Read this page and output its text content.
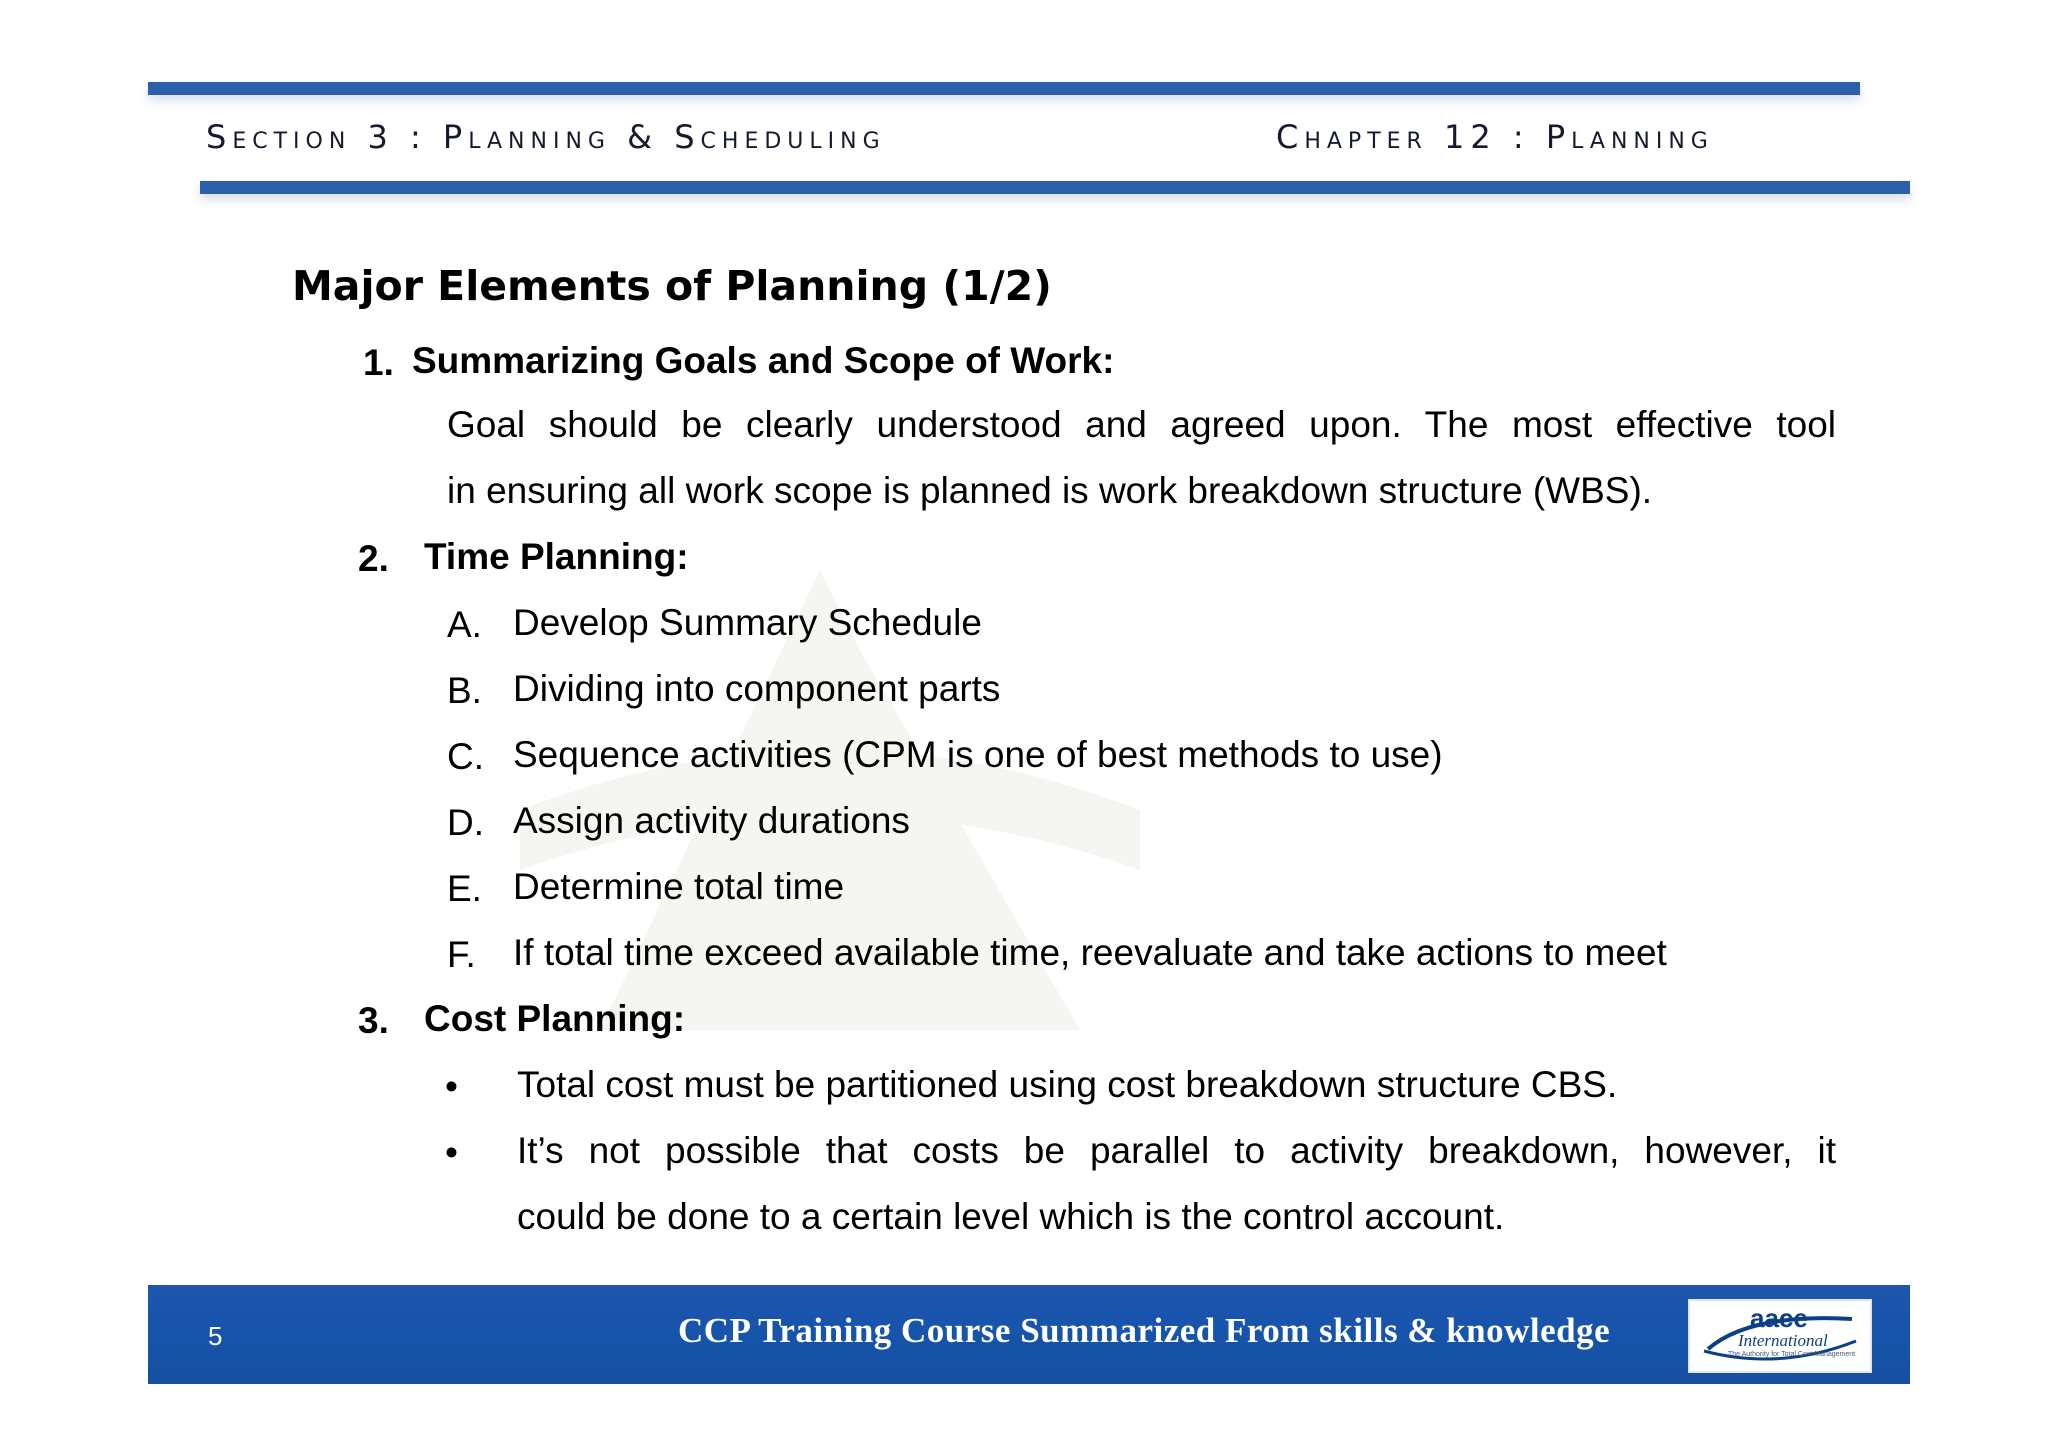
Section 3 : Planning & Scheduling	Chapter 12 : Planning
Major Elements of Planning (1/2)
1. Summarizing Goals and Scope of Work:
Goal should be clearly understood and agreed upon. The most effective tool
in ensuring all work scope is planned is work breakdown structure (WBS).
2. Time Planning:
A. Develop Summary Schedule
B. Dividing into component parts
C. Sequence activities (CPM is one of best methods to use)
D. Assign activity durations
E. Determine total time
F. If total time exceed available time, reevaluate and take actions to meet
3. Cost Planning:
• Total cost must be partitioned using cost breakdown structure CBS.
• It’s not possible that costs be parallel to activity breakdown, however, it
could be done to a certain level which is the control account.
5	CCP Training Course Summarized From skills & knowledge	aace
International
The Authority for Total Cost Management
